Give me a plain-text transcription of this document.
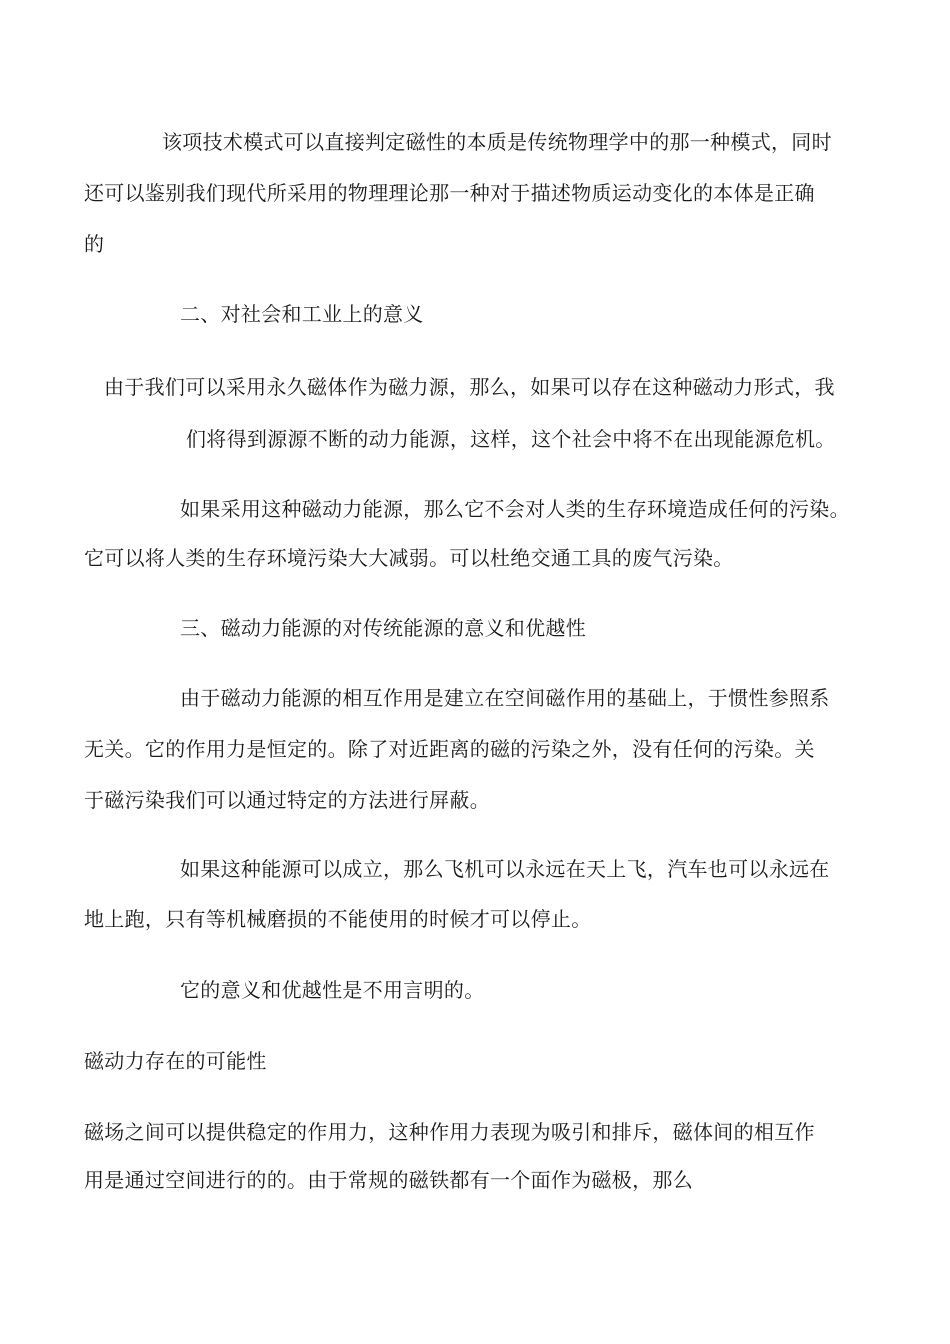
该项技术模式可以直接判定磁性的本质是传统物理学中的那一种模式，同时
还可以鉴别我们现代所采用的物理理论那一种对于描述物质运动变化的本体是正确
的
二、对社会和工业上的意义
由于我们可以采用永久磁体作为磁力源，那么，如果可以存在这种磁动力形式，我
们将得到源源不断的动力能源，这样，这个社会中将不在出现能源危机。
如果采用这种磁动力能源，那么它不会对人类的生存环境造成任何的污染。
它可以将人类的生存环境污染大大减弱。可以杜绝交通工具的废气污染。
三、磁动力能源的对传统能源的意义和优越性
由于磁动力能源的相互作用是建立在空间磁作用的基础上，于惯性参照系
无关。它的作用力是恒定的。除了对近距离的磁的污染之外，没有任何的污染。关
于磁污染我们可以通过特定的方法进行屏蔽。
如果这种能源可以成立，那么飞机可以永远在天上飞，汽车也可以永远在
地上跑，只有等机械磨损的不能使用的时候才可以停止。
它的意义和优越性是不用言明的。
磁动力存在的可能性
磁场之间可以提供稳定的作用力，这种作用力表现为吸引和排斥，磁体间的相互作
用是通过空间进行的的。由于常规的磁铁都有一个面作为磁极，那么
